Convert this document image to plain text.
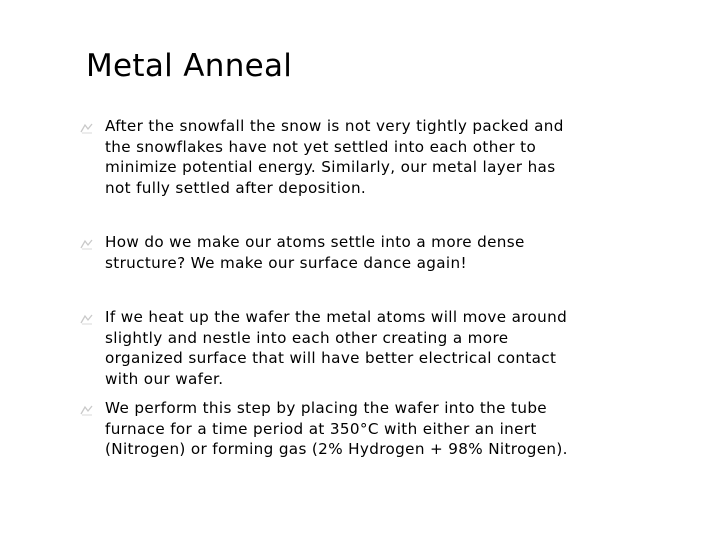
Metal Anneal
After the snowfall the snow is not very tightly packed and the snowflakes have not yet settled into each other to minimize potential energy. Similarly, our metal layer has not fully settled after deposition.
How do we make our atoms settle into a more dense structure? We make our surface dance again!
If we heat up the wafer the metal atoms will move around slightly and nestle into each other creating a more organized surface that will have better electrical contact with our wafer.
We perform this step by placing the wafer into the tube furnace for a time period at 350°C with either an inert (Nitrogen) or forming gas (2% Hydrogen + 98% Nitrogen).
